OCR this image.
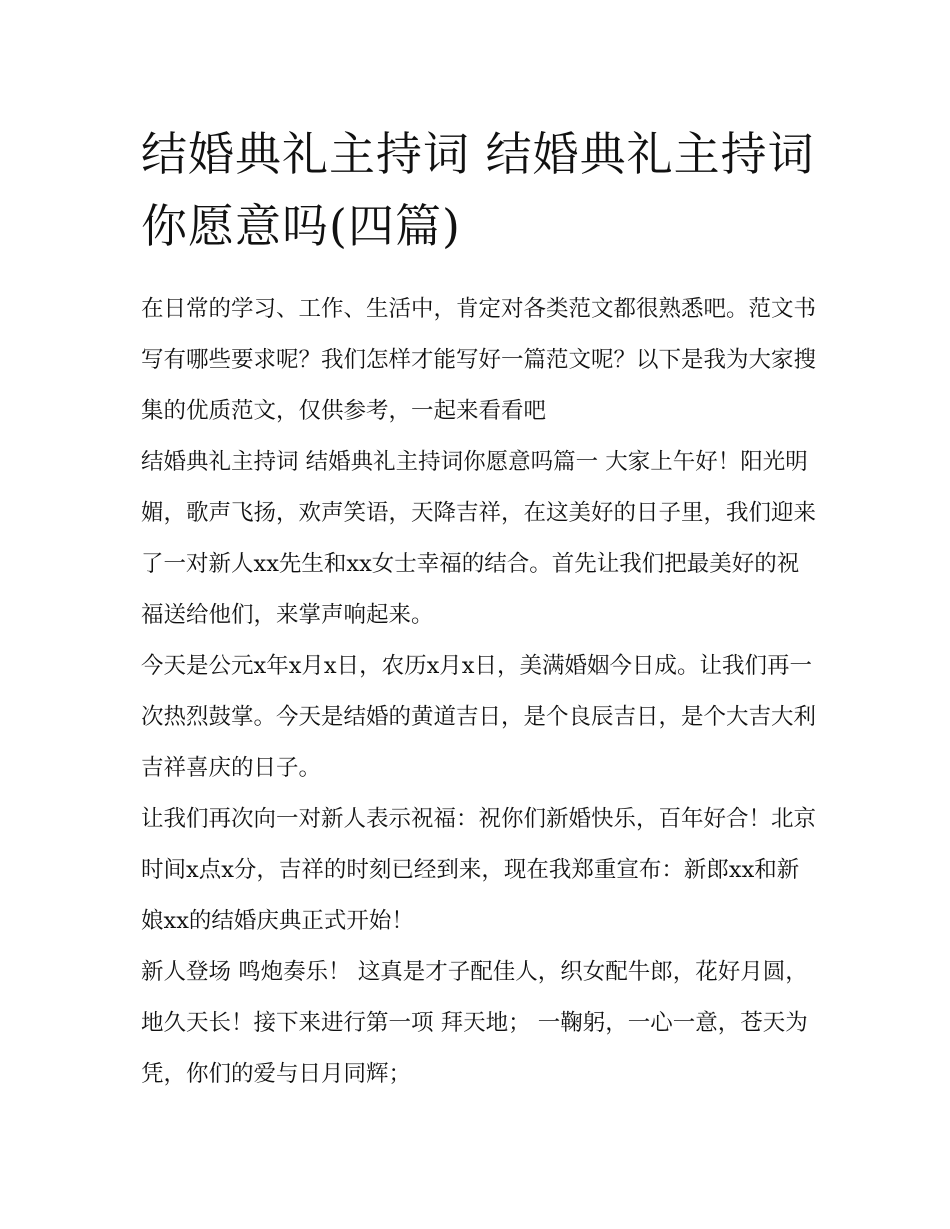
结婚典礼主持词 结婚典礼主持词你愿意吗(四篇)

在日常的学习、工作、生活中，肯定对各类范文都很熟悉吧。范文书写有哪些要求呢？我们怎样才能写好一篇范文呢？以下是我为大家搜集的优质范文，仅供参考，一起来看看吧

结婚典礼主持词 结婚典礼主持词你愿意吗篇一 大家上午好！阳光明媚，歌声飞扬，欢声笑语，天降吉祥，在这美好的日子里，我们迎来了一对新人xx先生和xx女士幸福的结合。首先让我们把最美好的祝福送给他们，来掌声响起来。

今天是公元x年x月x日，农历x月x日，美满婚姻今日成。让我们再一次热烈鼓掌。今天是结婚的黄道吉日，是个良辰吉日，是个大吉大利吉祥喜庆的日子。

让我们再次向一对新人表示祝福：祝你们新婚快乐，百年好合！北京时间x点x分，吉祥的时刻已经到来，现在我郑重宣布：新郎xx和新娘xx的结婚庆典正式开始！

新人登场 鸣炮奏乐！ 这真是才子配佳人，织女配牛郎，花好月圆，地久天长！接下来进行第一项 拜天地； 一鞠躬，一心一意，苍天为凭，你们的爱与日月同辉；
